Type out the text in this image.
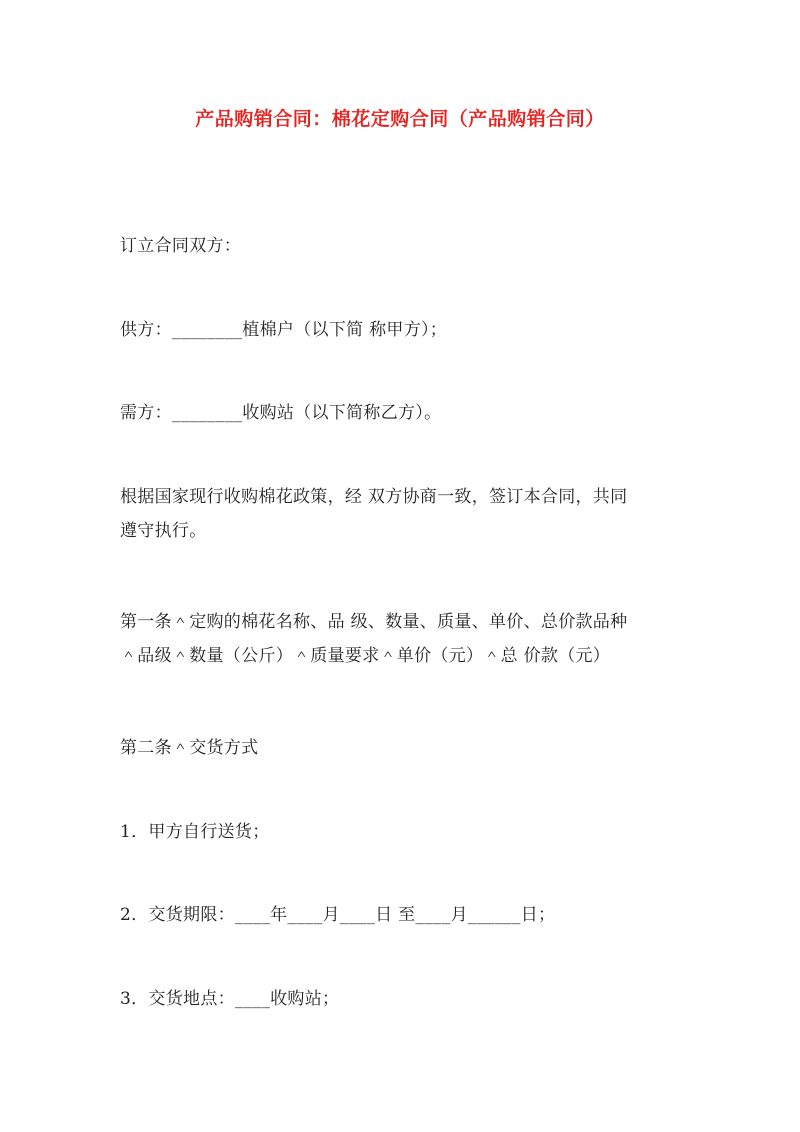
产品购销合同：棉花定购合同（产品购销合同）
订立合同双方：
供方：________植棉户（以下简 称甲方）；
需方：________收购站（以下简称乙方）。
根据国家现行收购棉花政策，经 双方协商一致，签订本合同，共同
遵守执行。
第一条＾定购的棉花名称、品 级、数量、质量、单价、总价款品种
＾品级＾数量（公斤）＾质量要求＾单价（元）＾总 价款（元）
第二条＾交货方式
1．甲方自行送货；
2．交货期限：____年____月____日 至____月______日；
3．交货地点：____收购站；
